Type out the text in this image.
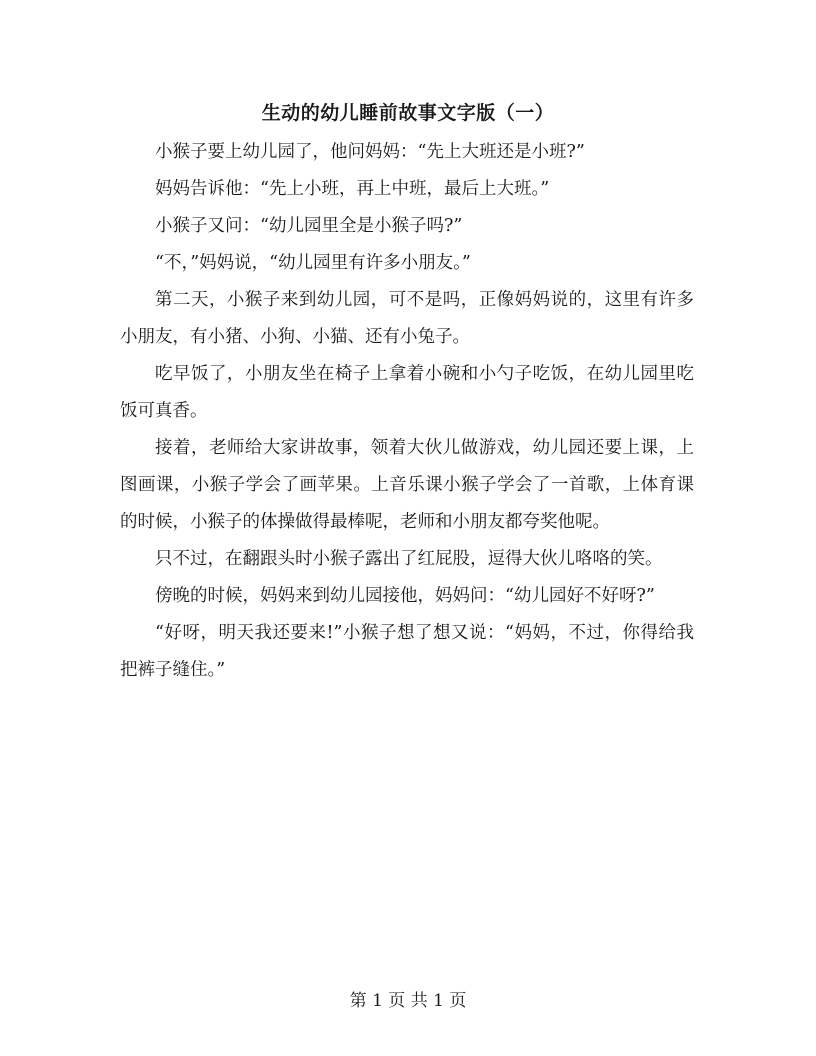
生动的幼儿睡前故事文字版（一）

小猴子要上幼儿园了，他问妈妈：“先上大班还是小班?”

妈妈告诉他：“先上小班，再上中班，最后上大班。”

小猴子又问：“幼儿园里全是小猴子吗?”

“不，”妈妈说，“幼儿园里有许多小朋友。”

第二天，小猴子来到幼儿园，可不是吗，正像妈妈说的，这里有许多小朋友，有小猪、小狗、小猫、还有小兔子。

吃早饭了，小朋友坐在椅子上拿着小碗和小勺子吃饭，在幼儿园里吃饭可真香。

接着，老师给大家讲故事，领着大伙儿做游戏，幼儿园还要上课，上图画课，小猴子学会了画苹果。上音乐课小猴子学会了一首歌，上体育课的时候，小猴子的体操做得最棒呢，老师和小朋友都夸奖他呢。

只不过，在翻跟头时小猴子露出了红屁股，逗得大伙儿咯咯的笑。

傍晚的时候，妈妈来到幼儿园接他，妈妈问：“幼儿园好不好呀?”

“好呀，明天我还要来!”小猴子想了想又说：“妈妈，不过，你得给我把裤子缝住。”

第 1 页 共 1 页
